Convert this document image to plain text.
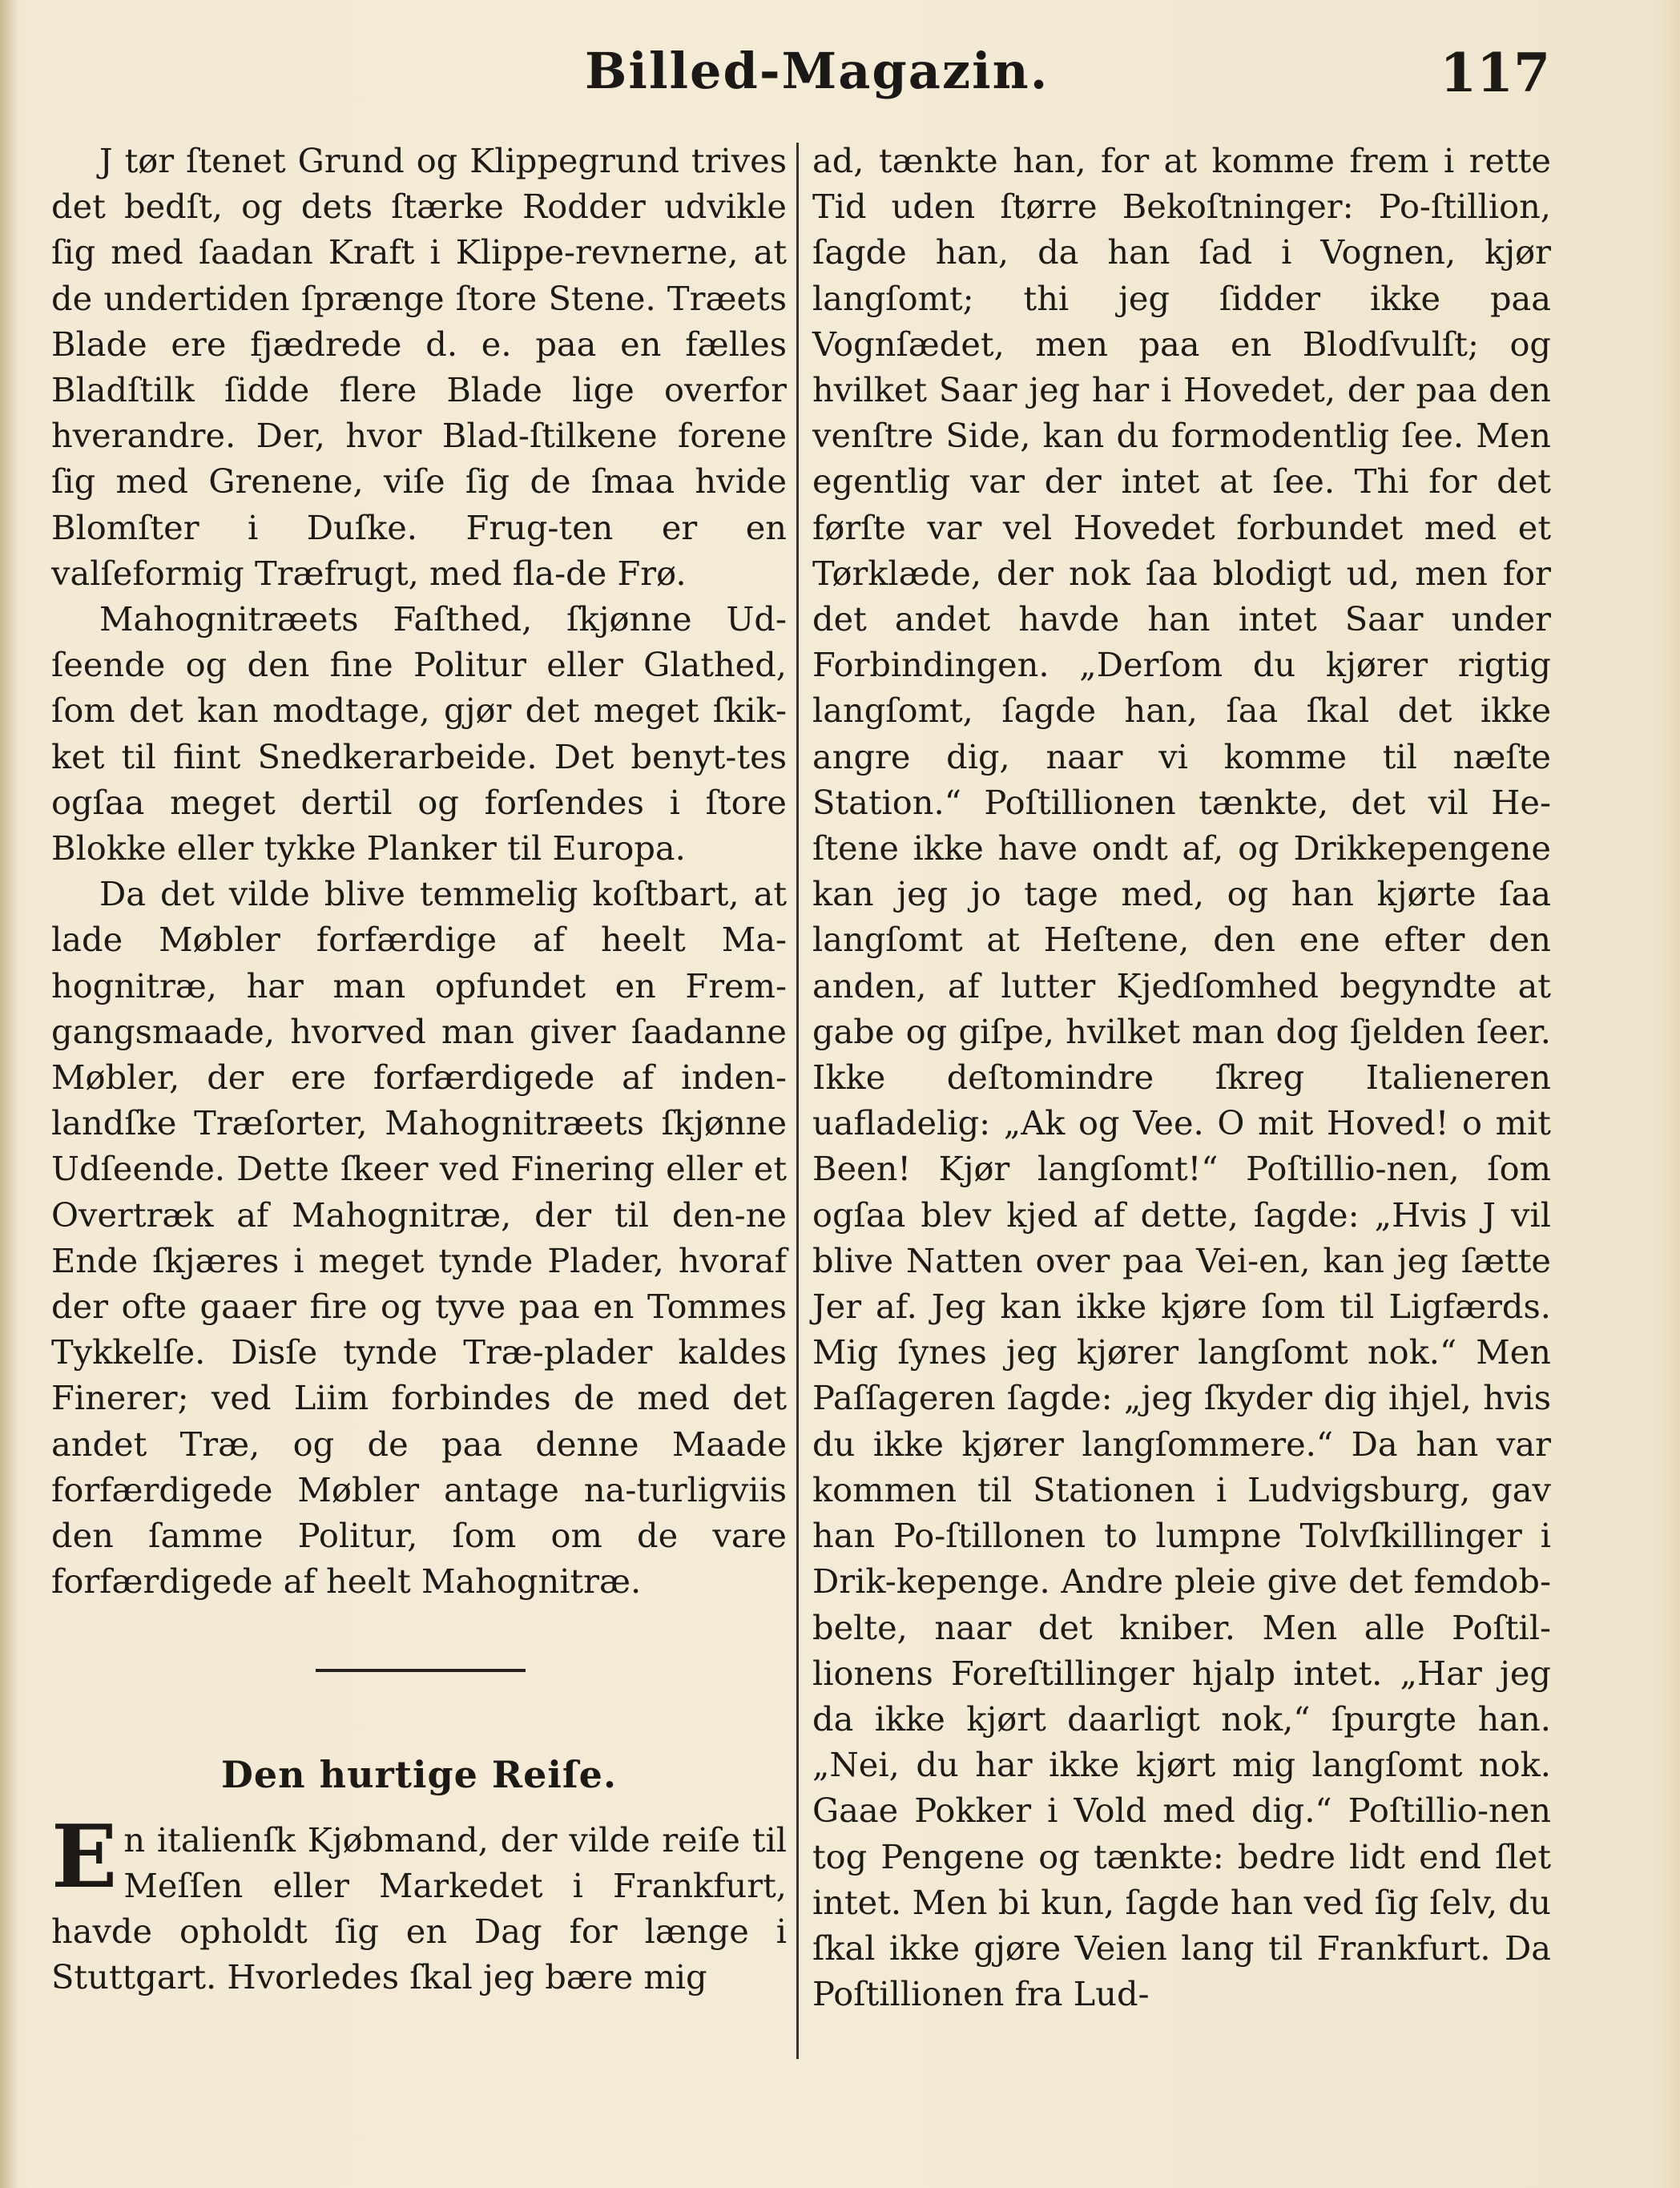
Billed-Magazin.	117

J tør ſtenet Grund og Klippegrund trives det bedſt, og dets ſtærke Rodder udvikle ſig med ſaadan Kraft i Klippe-revnerne, at de undertiden ſprænge ſtore Stene. Træets Blade ere fjædrede d. e. paa en fælles Bladſtilk ſidde flere Blade lige overfor hverandre. Der, hvor Blad-ſtilkene forene ſig med Grenene, viſe ſig de ſmaa hvide Blomſter i Duſke. Frug-ten er en valſeformig Træfrugt, med fla-de Frø.

Mahognitræets Faſthed, ſkjønne Ud-ſeende og den fine Politur eller Glathed, ſom det kan modtage, gjør det meget ſkik-ket til fiint Snedkerarbeide. Det benyt-tes ogſaa meget dertil og forſendes i ſtore Blokke eller tykke Planker til Europa.

Da det vilde blive temmelig koſtbart, at lade Møbler forfærdige af heelt Ma-hognitræ, har man opfundet en Frem-gangsmaade, hvorved man giver ſaadanne Møbler, der ere forfærdigede af inden-landſke Træſorter, Mahognitræets ſkjønne Udſeende. Dette ſkeer ved Finering eller et Overtræk af Mahognitræ, der til den-ne Ende ſkjæres i meget tynde Plader, hvoraf der ofte gaaer fire og tyve paa en Tommes Tykkelſe. Disſe tynde Træ-plader kaldes Finerer; ved Liim forbindes de med det andet Træ, og de paa denne Maade forfærdigede Møbler antage na-turligviis den ſamme Politur, ſom om de vare forfærdigede af heelt Mahognitræ.

Den hurtige Reiſe.

E n italienſk Kjøbmand, der vilde reiſe til Meſſen eller Markedet i Frankfurt, havde opholdt ſig en Dag for længe i Stuttgart. Hvorledes ſkal jeg bære mig

ad, tænkte han, for at komme frem i rette Tid uden ſtørre Bekoſtninger: Po-ſtillion, ſagde han, da han ſad i Vognen, kjør langſomt; thi jeg ſidder ikke paa Vognſædet, men paa en Blodſvulſt; og hvilket Saar jeg har i Hovedet, der paa den venſtre Side, kan du formodentlig ſee. Men egentlig var der intet at ſee. Thi for det førſte var vel Hovedet forbundet med et Tørklæde, der nok ſaa blodigt ud, men for det andet havde han intet Saar under Forbindingen. „Derſom du kjører rigtig langſomt, ſagde han, ſaa ſkal det ikke angre dig, naar vi komme til næſte Station.“ Poſtillionen tænkte, det vil He-ſtene ikke have ondt af, og Drikkepengene kan jeg jo tage med, og han kjørte ſaa langſomt at Heſtene, den ene efter den anden, af lutter Kjedſomhed begyndte at gabe og giſpe, hvilket man dog ſjelden ſeer. Ikke deſtomindre ſkreg Italieneren uafladelig: „Ak og Vee. O mit Hoved! o mit Been! Kjør langſomt!“ Poſtillio-nen, ſom ogſaa blev kjed af dette, ſagde: „Hvis J vil blive Natten over paa Vei-en, kan jeg ſætte Jer af. Jeg kan ikke kjøre ſom til Ligfærds. Mig ſynes jeg kjører langſomt nok.“ Men Paſſageren ſagde: „jeg ſkyder dig ihjel, hvis du ikke kjører langſommere.“ Da han var kommen til Stationen i Ludvigsburg, gav han Po-ſtillonen to lumpne Tolvſkillinger i Drik-kepenge. Andre pleie give det femdob-belte, naar det kniber. Men alle Poſtil-lionens Foreſtillinger hjalp intet. „Har jeg da ikke kjørt daarligt nok,“ ſpurgte han. „Nei, du har ikke kjørt mig langſomt nok. Gaae Pokker i Vold med dig.“ Poſtillio-nen tog Pengene og tænkte: bedre lidt end ſlet intet. Men bi kun, ſagde han ved ſig ſelv, du ſkal ikke gjøre Veien lang til Frankfurt. Da Poſtillionen fra Lud-
